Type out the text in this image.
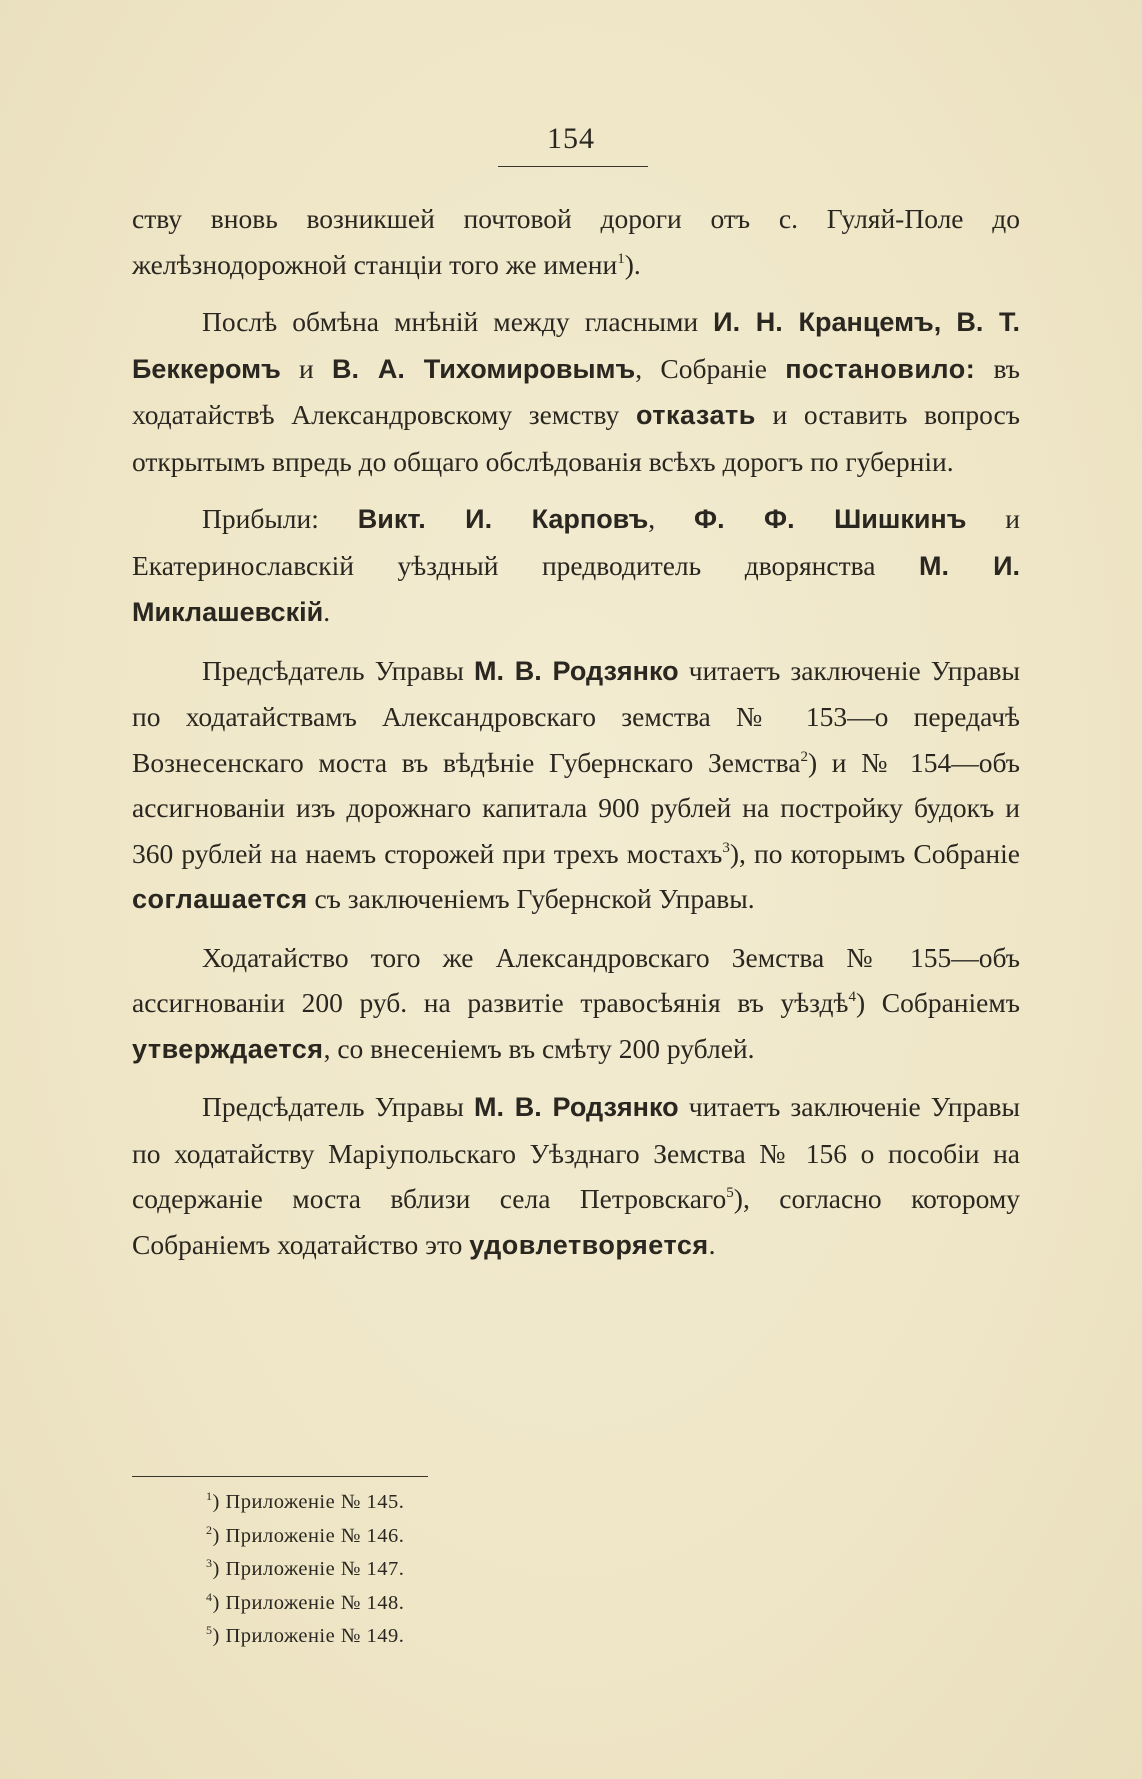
154

ству вновь возникшей почтовой дороги отъ с. Гуляй-Поле до желѣзнодорожной станціи того же имени$^1$).

Послѣ обмѣна мнѣній между гласными И. Н. Кранцемъ, В. Т. Беккеромъ и В. А. Тихомировымъ, Собраніе постановило: въ ходатайствѣ Александровскому земству отказать и оставить вопросъ открытымъ впредь до общаго обслѣдованія всѣхъ дорогъ по губерніи.

Прибыли: Викт. И. Карповъ, Ф. Ф. Шишкинъ и Екатеринославскій уѣздный предводитель дворянства М. И. Миклашевскій.

Предсѣдатель Управы М. В. Родзянко читаетъ заключеніе Управы по ходатайствамъ Александровскаго земства № 153—о передачѣ Вознесенскаго моста въ вѣдѣніе Губернскаго Земства$^2$) и № 154—объ ассигнованіи изъ дорожнаго капитала 900 рублей на постройку будокъ и 360 рублей на наемъ сторожей при трехъ мостахъ$^3$), по которымъ Собраніе соглашается съ заключеніемъ Губернской Управы.

Ходатайство того же Александровскаго Земства № 155—объ ассигнованіи 200 руб. на развитіе травосѣянія въ уѣздѣ$^4$) Собраніемъ утверждается, со внесеніемъ въ смѣту 200 рублей.

Предсѣдатель Управы М. В. Родзянко читаетъ заключеніе Управы по ходатайству Маріупольскаго Уѣзднаго Земства № 156 о пособіи на содержаніе моста вблизи села Петровскаго$^5$), согласно которому Собраніемъ ходатайство это удовлетворяется.

$^1$) Приложеніе № 145.
$^2$) Приложеніе № 146.
$^3$) Приложеніе № 147.
$^4$) Приложеніе № 148.
$^5$) Приложеніе № 149.
